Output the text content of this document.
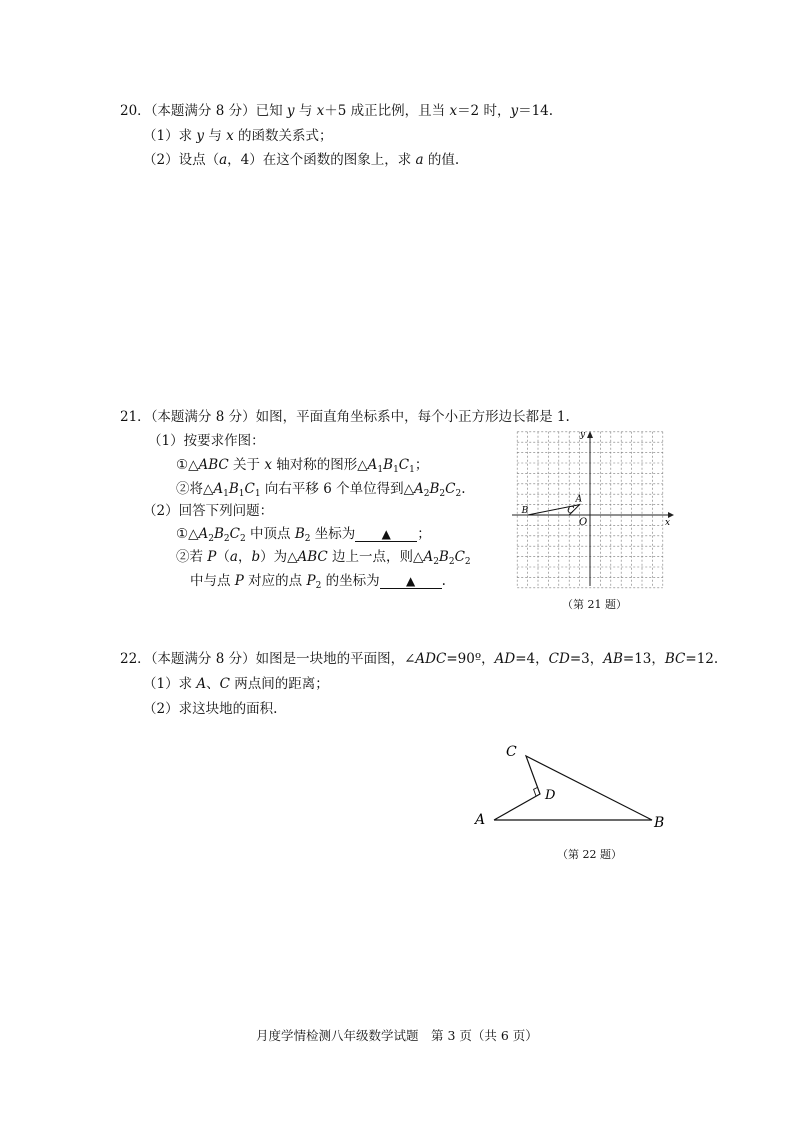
20．（本题满分 8 分）已知 y 与 x＋5 成正比例，且当 x＝2 时，y＝14.
（1）求 y 与 x 的函数关系式；
（2）设点（a，4）在这个函数的图象上，求 a 的值.
21．（本题满分 8 分）如图，平面直角坐标系中，每个小正方形边长都是 1.
（1）按要求作图：
①△ABC 关于 x 轴对称的图形$\triangle A_1B_1C_1$；
②将$\triangle A_1B_1C_1$ 向右平移 6 个单位得到$\triangle A_2B_2C_2$.
（2）回答下列问题：
$①\triangle A_2B_2C_2$ 中顶点 $B_2$ 坐标为 ▲ ；
②若 P（a，b）为△ABC 边上一点，则$\triangle A_2B_2C_2$
中与点 P 对应的点 $P_2$ 的坐标为 ▲ .
x
y
O
A
B	C
（第 21 题）
22．（本题满分 8 分）如图是一块地的平面图，∠ADC=90º，AD=4，CD=3，AB=13，BC=12.
（1）求 A、C 两点间的距离；
（2）求这块地的面积.
C
D
A	B
（第 22 题）
月度学情检测八年级数学试题　第 3 页（共 6 页）
